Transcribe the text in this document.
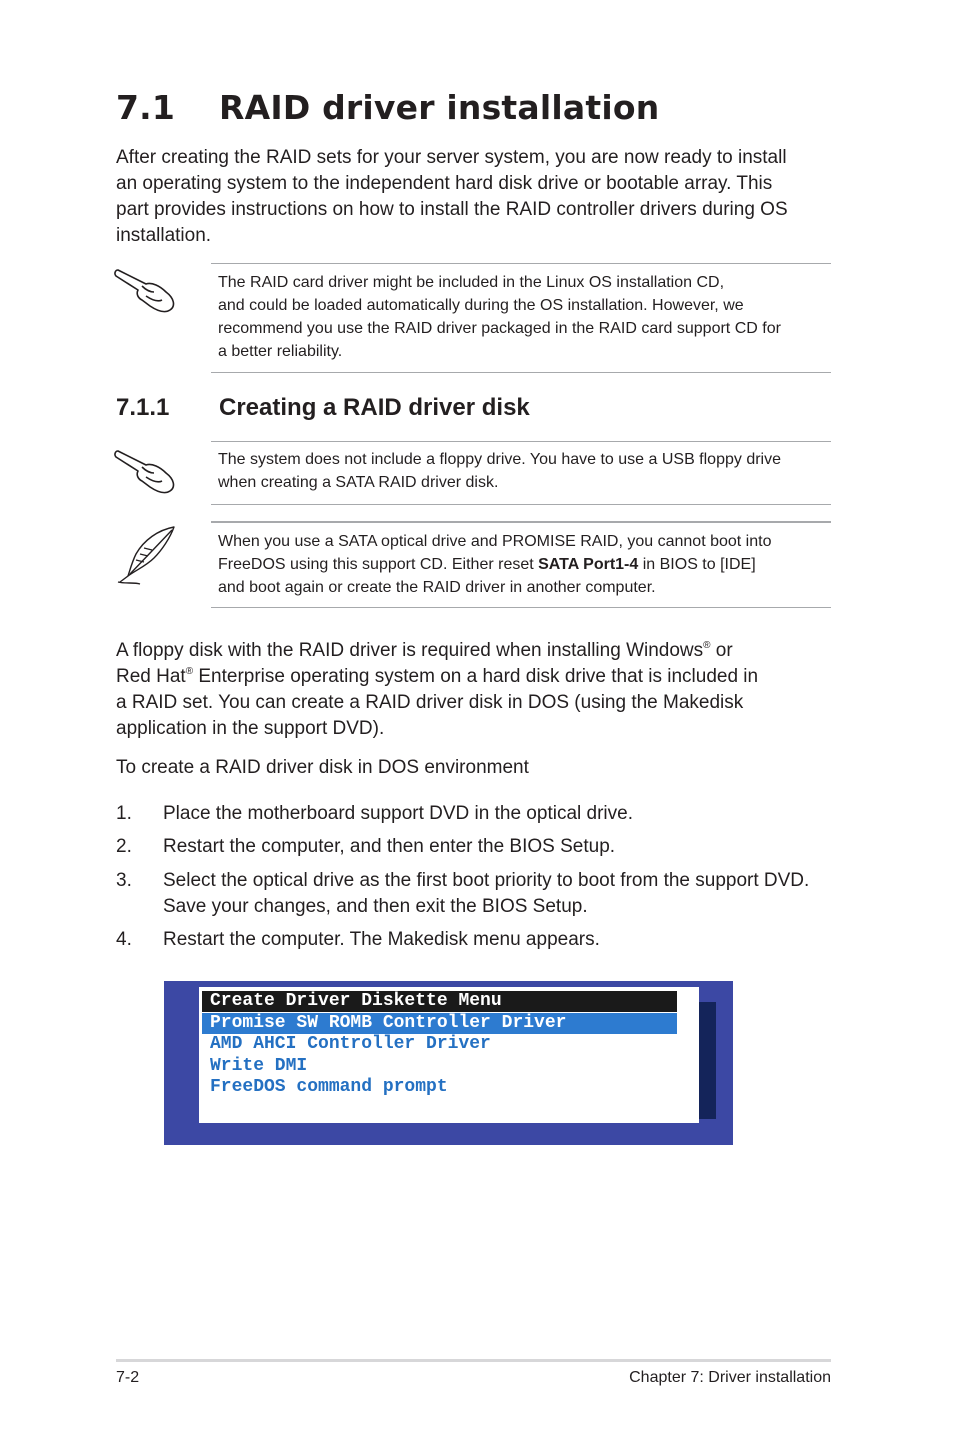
7.1 RAID driver installation

After creating the RAID sets for your server system, you are now ready to install

an operating system to the independent hard disk drive or bootable array. This

part provides instructions on how to install the RAID controller drivers during OS

installation.

The RAID card driver might be included in the Linux OS installation CD,

and could be loaded automatically during the OS installation. However, we

recommend you use the RAID driver packaged in the RAID card support CD for

a better reliability.

7.1.1 Creating a RAID driver disk

The system does not include a floppy drive. You have to use a USB floppy drive

when creating a SATA RAID driver disk.

When you use a SATA optical drive and PROMISE RAID, you cannot boot into

FreeDOS using this support CD. Either reset SATA Port1-4 in BIOS to [IDE]

and boot again or create the RAID driver in another computer.

A floppy disk with the RAID driver is required when installing Windows® or

Red Hat® Enterprise operating system on a hard disk drive that is included in

a RAID set. You can create a RAID driver disk in DOS (using the Makedisk

application in the support DVD).

To create a RAID driver disk in DOS environment

1. Place the motherboard support DVD in the optical drive.
2. Restart the computer, and then enter the BIOS Setup.
3. Select the optical drive as the first boot priority to boot from the support DVD.
Save your changes, and then exit the BIOS Setup.
4. Restart the computer. The Makedisk menu appears.
Create Driver Diskette Menu
Promise SW ROMB Controller Driver
AMD AHCI Controller Driver
Write DMI
FreeDOS command prompt
7-2	Chapter 7: Driver installation
